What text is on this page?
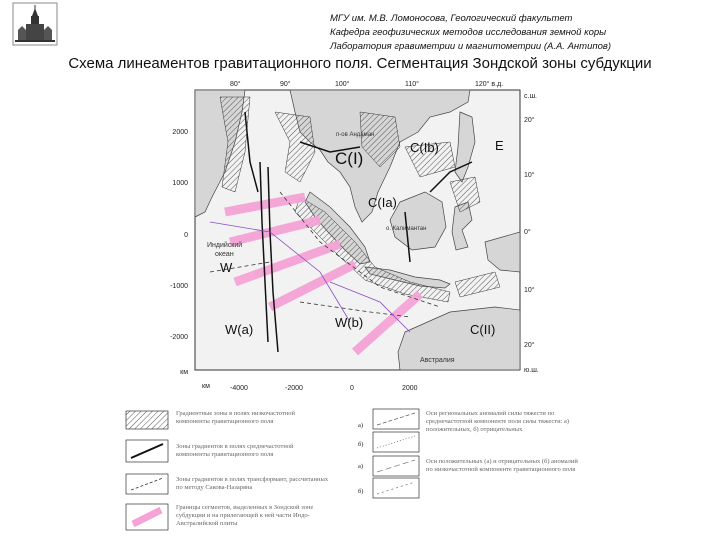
МГУ им. М.В. Ломоносова, Геологический факультет
Кафедра геофизических методов исследования земной коры
Лаборатория гравиметрии и магнитометрии (А.А. Антипов)
Схема линеаментов гравитационного поля. Сегментация Зондской зоны субдукции
C(I)
C(Ib)
C(Ia)
E
W
W(a)	W(b)	C(II)
п-ов Андаман
о. Калимантан
Индийский
океан
Австралия
80°	90°	100°	110°	120° в.д.
с.ш.
20°
10°
0°
10°
20°
ю.ш.
2000
1000
0
-1000
-2000
км
км	-4000	-2000	0	2000
Градиентные зоны в полях низкочастотной компоненты гравитационного поля
Зоны градиентов в полях среднечастотной компоненты гравитационного поля
Зоны градиентов в полях трансформант, рассчитанных по методу Сакова-Назаряна
Границы сегментов, выделенных в Зондской зоне субдукции и на прилегающей к ней части Индо-Австралийской плиты
а)
б)
а)
б)
Оси региональных аномалий силы тяжести по среднечастотной компоненте поля силы тяжести: а) положительных, б) отрицательных
Оси положительных (а) и отрицательных (б) аномалий по низкочастотной компоненте гравитационного поля
